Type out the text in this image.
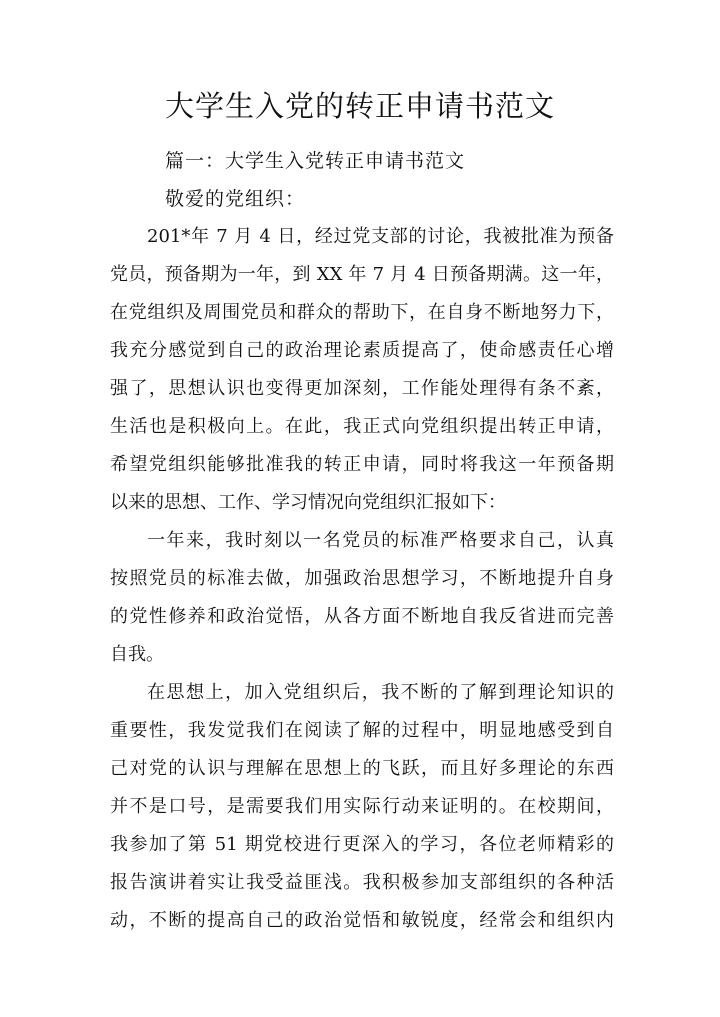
大学生入党的转正申请书范文

篇一：大学生入党转正申请书范文

敬爱的党组织：

201*年 7 月 4 日，经过党支部的讨论，我被批准为预备

党员，预备期为一年，到 XX 年 7 月 4 日预备期满。这一年，

在党组织及周围党员和群众的帮助下，在自身不断地努力下，

我充分感觉到自己的政治理论素质提高了，使命感责任心增

强了，思想认识也变得更加深刻，工作能处理得有条不紊，

生活也是积极向上。在此，我正式向党组织提出转正申请，

希望党组织能够批准我的转正申请，同时将我这一年预备期

以来的思想、工作、学习情况向党组织汇报如下：

一年来，我时刻以一名党员的标准严格要求自己，认真

按照党员的标准去做，加强政治思想学习，不断地提升自身

的党性修养和政治觉悟，从各方面不断地自我反省进而完善

自我。

在思想上，加入党组织后，我不断的了解到理论知识的

重要性，我发觉我们在阅读了解的过程中，明显地感受到自

己对党的认识与理解在思想上的飞跃，而且好多理论的东西

并不是口号，是需要我们用实际行动来证明的。在校期间，

我参加了第 51 期党校进行更深入的学习，各位老师精彩的

报告演讲着实让我受益匪浅。我积极参加支部组织的各种活

动，不断的提高自己的政治觉悟和敏锐度，经常会和组织内
